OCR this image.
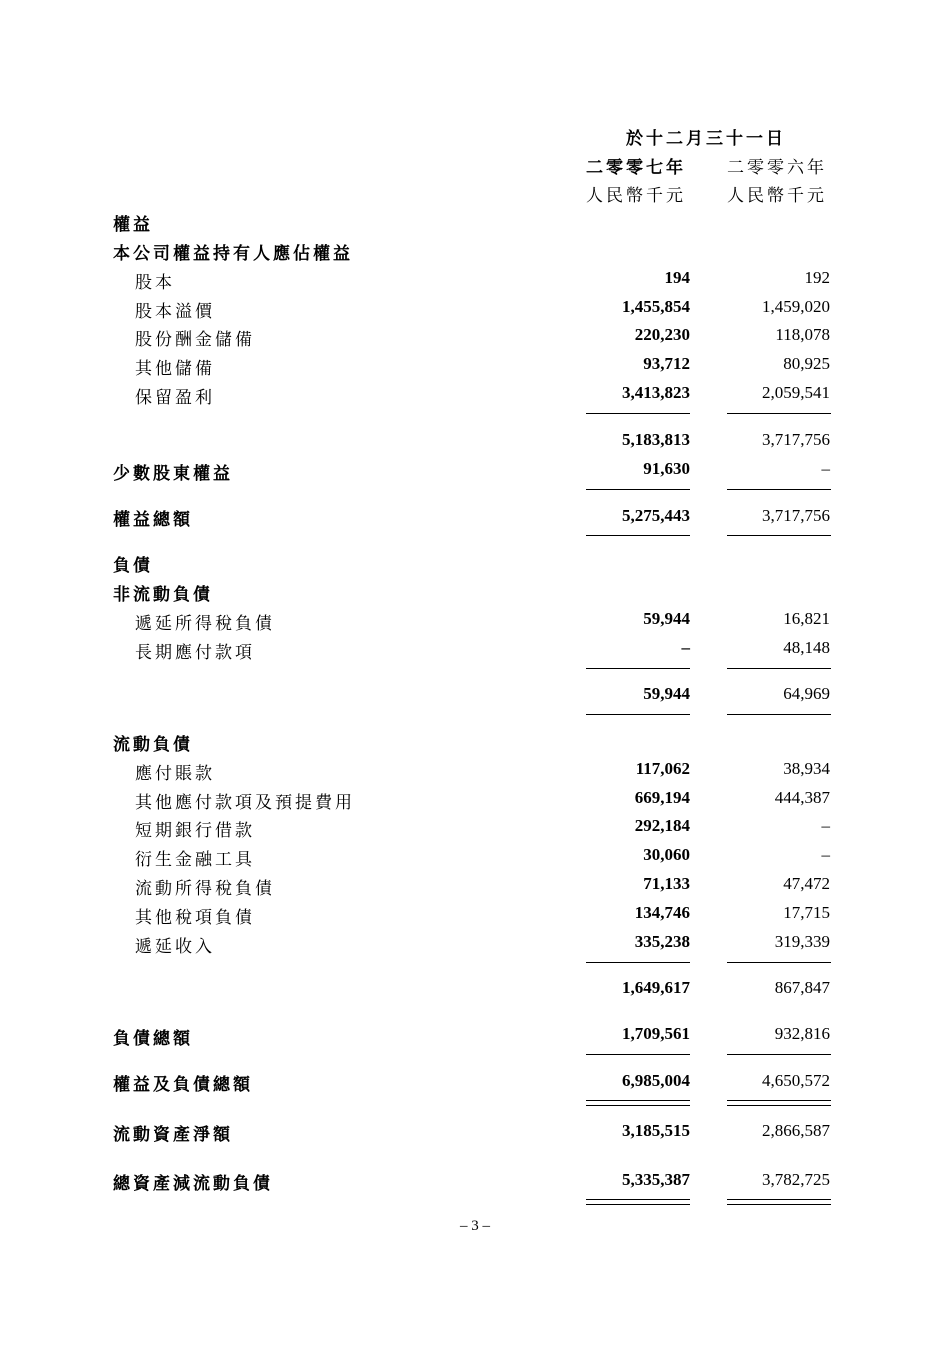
於十二月三十一日
二零零七年 二零零六年
人民幣千元 人民幣千元
權益
本公司權益持有人應佔權益
股本	194	192
股本溢價	1,455,854	1,459,020
股份酬金儲備	220,230	118,078
其他儲備	93,712	80,925
保留盈利	3,413,823	2,059,541
5,183,813	3,717,756
少數股東權益	91,630	–
權益總額	5,275,443	3,717,756
負債
非流動負債
遞延所得稅負債	59,944	16,821
長期應付款項	–	48,148
59,944	64,969
流動負債
應付賬款	117,062	38,934
其他應付款項及預提費用	669,194	444,387
短期銀行借款	292,184	–
衍生金融工具	30,060	–
流動所得稅負債	71,133	47,472
其他稅項負債	134,746	17,715
遞延收入	335,238	319,339
1,649,617	867,847
負債總額	1,709,561	932,816
權益及負債總額	6,985,004	4,650,572
流動資產淨額	3,185,515	2,866,587
總資產減流動負債	5,335,387	3,782,725
– 3 –
